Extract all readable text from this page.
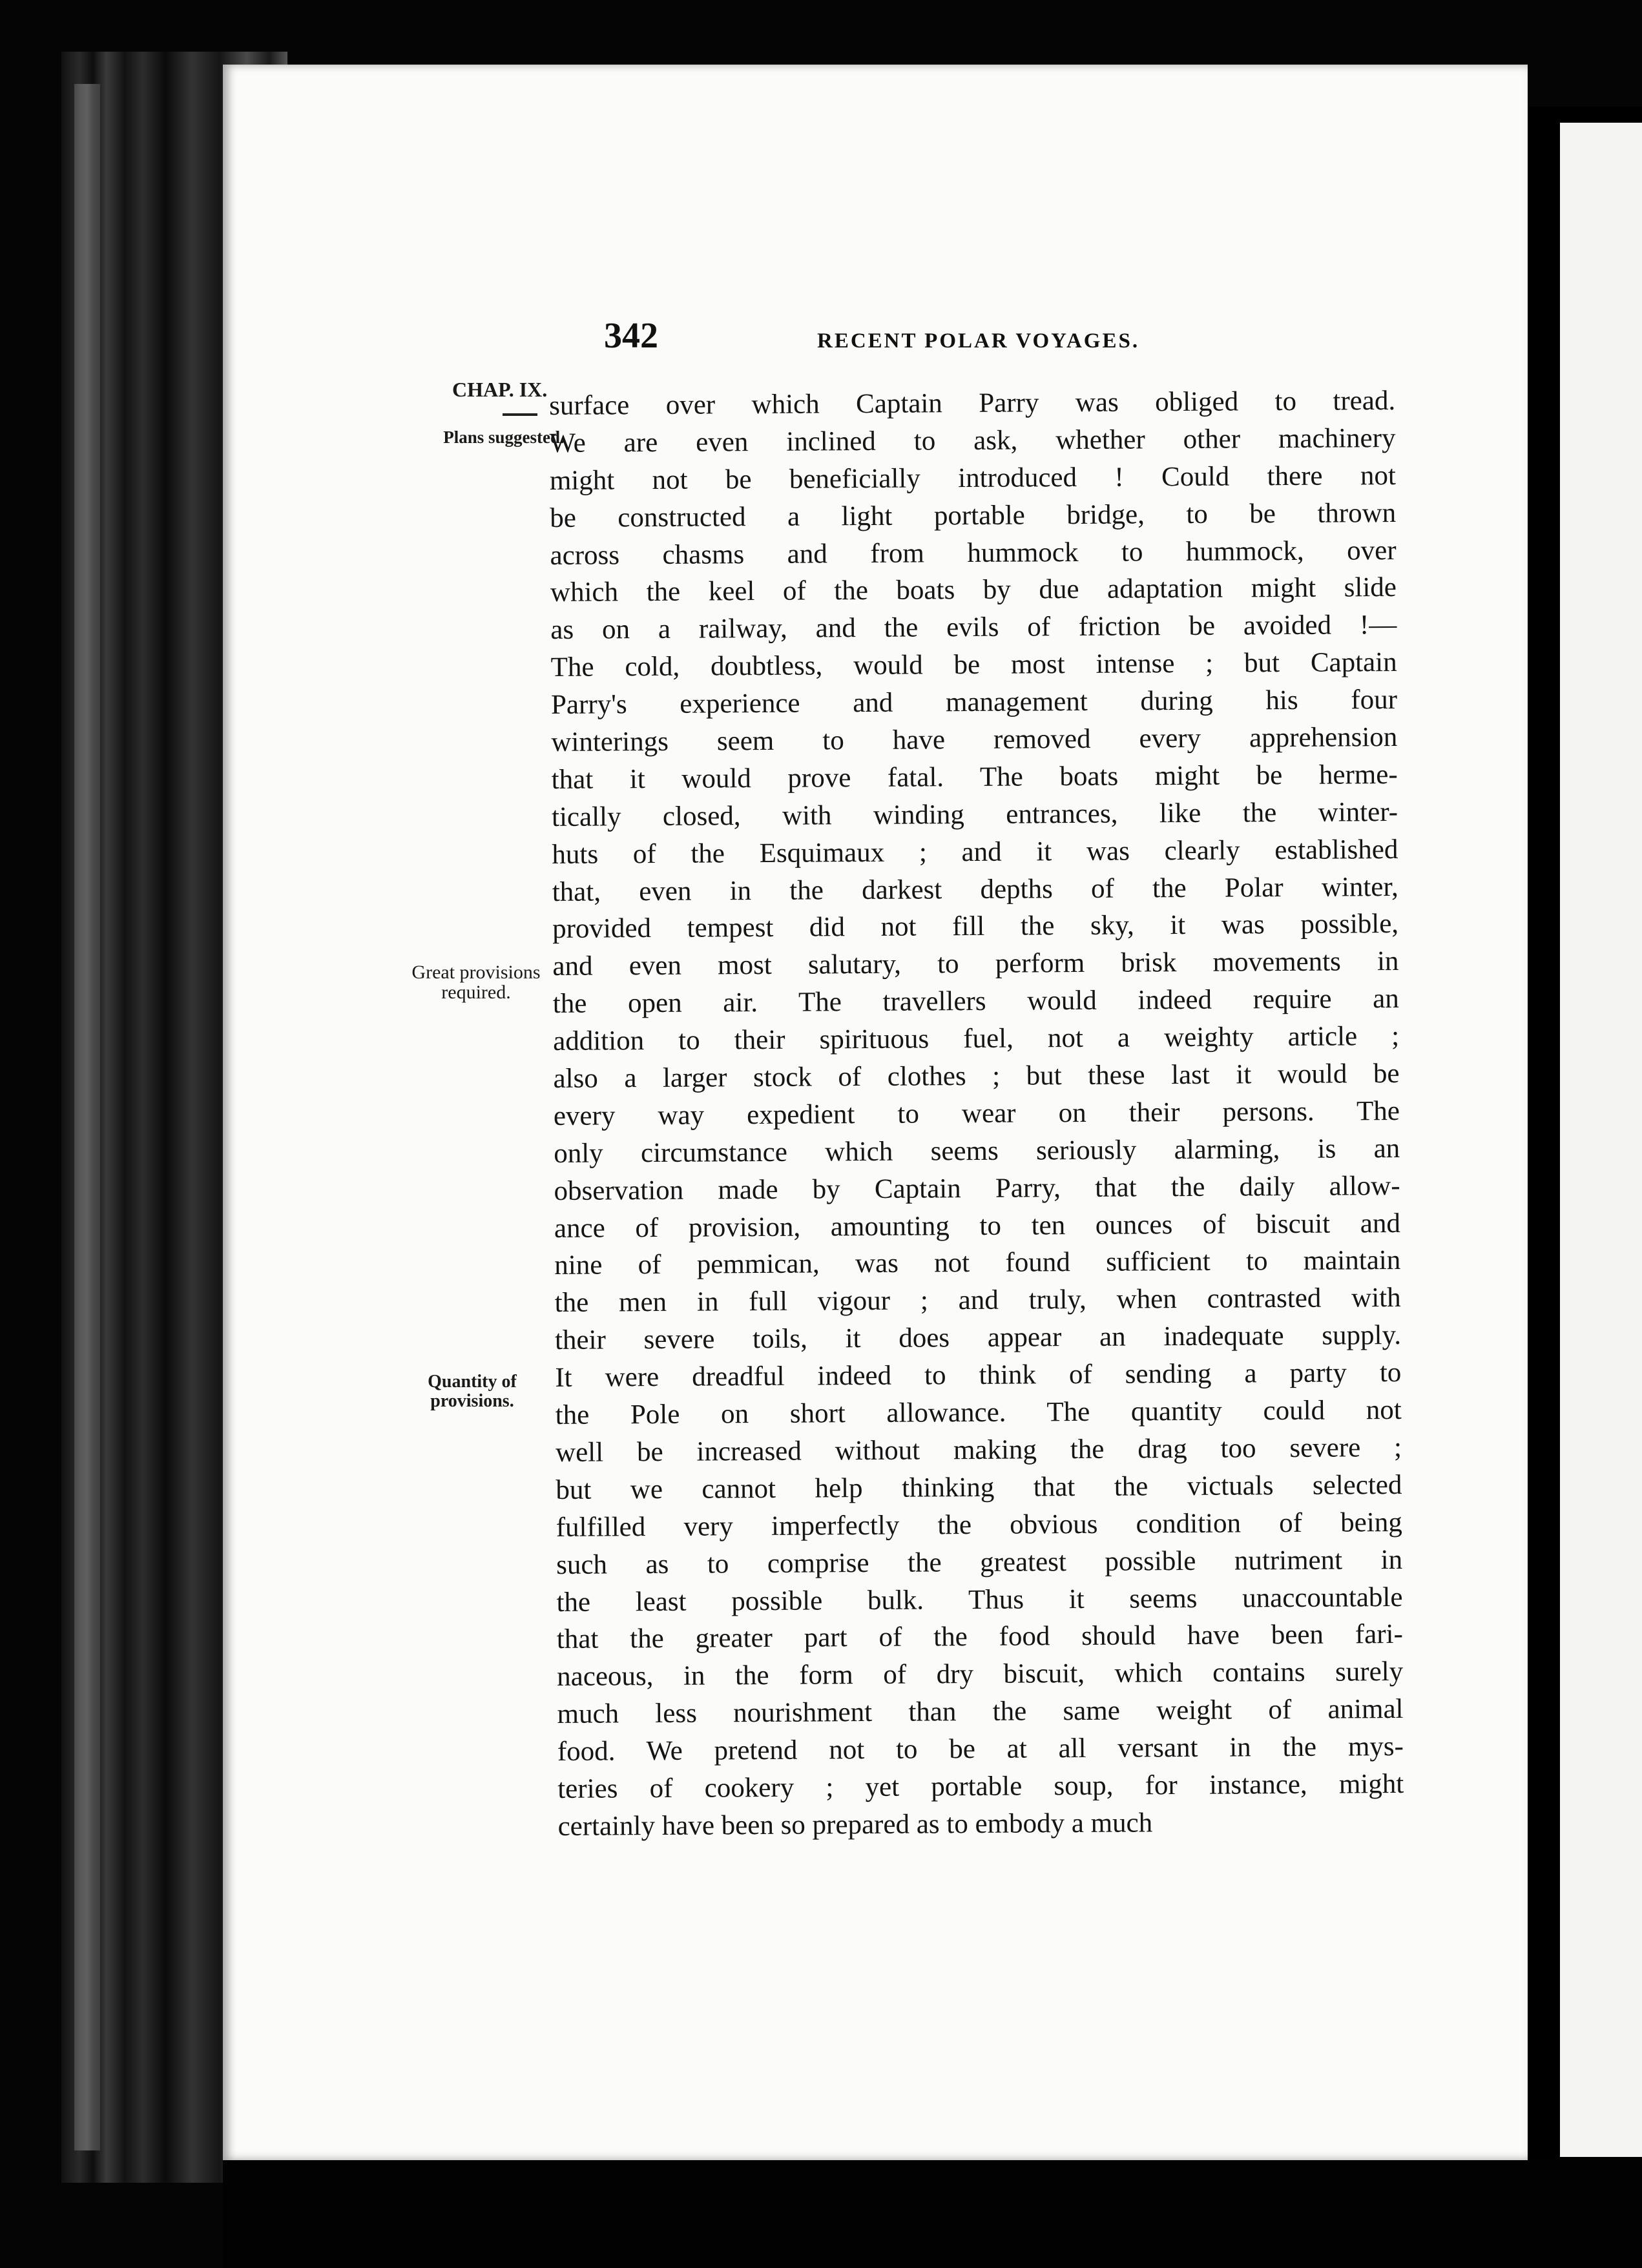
342	RECENT POLAR VOYAGES.
CHAP. IX.
Plans suggested.
Great provisions required.
Quantity of provisions.
surface over which Captain Parry was obliged to tread.
We are even inclined to ask, whether other machinery
might not be beneficially introduced ! Could there not
be constructed a light portable bridge, to be thrown
across chasms and from hummock to hummock, over
which the keel of the boats by due adaptation might slide
as on a railway, and the evils of friction be avoided !—
The cold, doubtless, would be most intense ; but Captain
Parry's experience and management during his four
winterings seem to have removed every apprehension
that it would prove fatal. The boats might be herme-
tically closed, with winding entrances, like the winter-
huts of the Esquimaux ; and it was clearly established
that, even in the darkest depths of the Polar winter,
provided tempest did not fill the sky, it was possible,
and even most salutary, to perform brisk movements in
the open air. The travellers would indeed require an
addition to their spirituous fuel, not a weighty article ;
also a larger stock of clothes ; but these last it would be
every way expedient to wear on their persons. The
only circumstance which seems seriously alarming, is an
observation made by Captain Parry, that the daily allow-
ance of provision, amounting to ten ounces of biscuit and
nine of pemmican, was not found sufficient to maintain
the men in full vigour ; and truly, when contrasted with
their severe toils, it does appear an inadequate supply.
It were dreadful indeed to think of sending a party to
the Pole on short allowance. The quantity could not
well be increased without making the drag too severe ;
but we cannot help thinking that the victuals selected
fulfilled very imperfectly the obvious condition of being
such as to comprise the greatest possible nutriment in
the least possible bulk. Thus it seems unaccountable
that the greater part of the food should have been fari-
naceous, in the form of dry biscuit, which contains surely
much less nourishment than the same weight of animal
food. We pretend not to be at all versant in the mys-
teries of cookery ; yet portable soup, for instance, might
certainly have been so prepared as to embody a much
